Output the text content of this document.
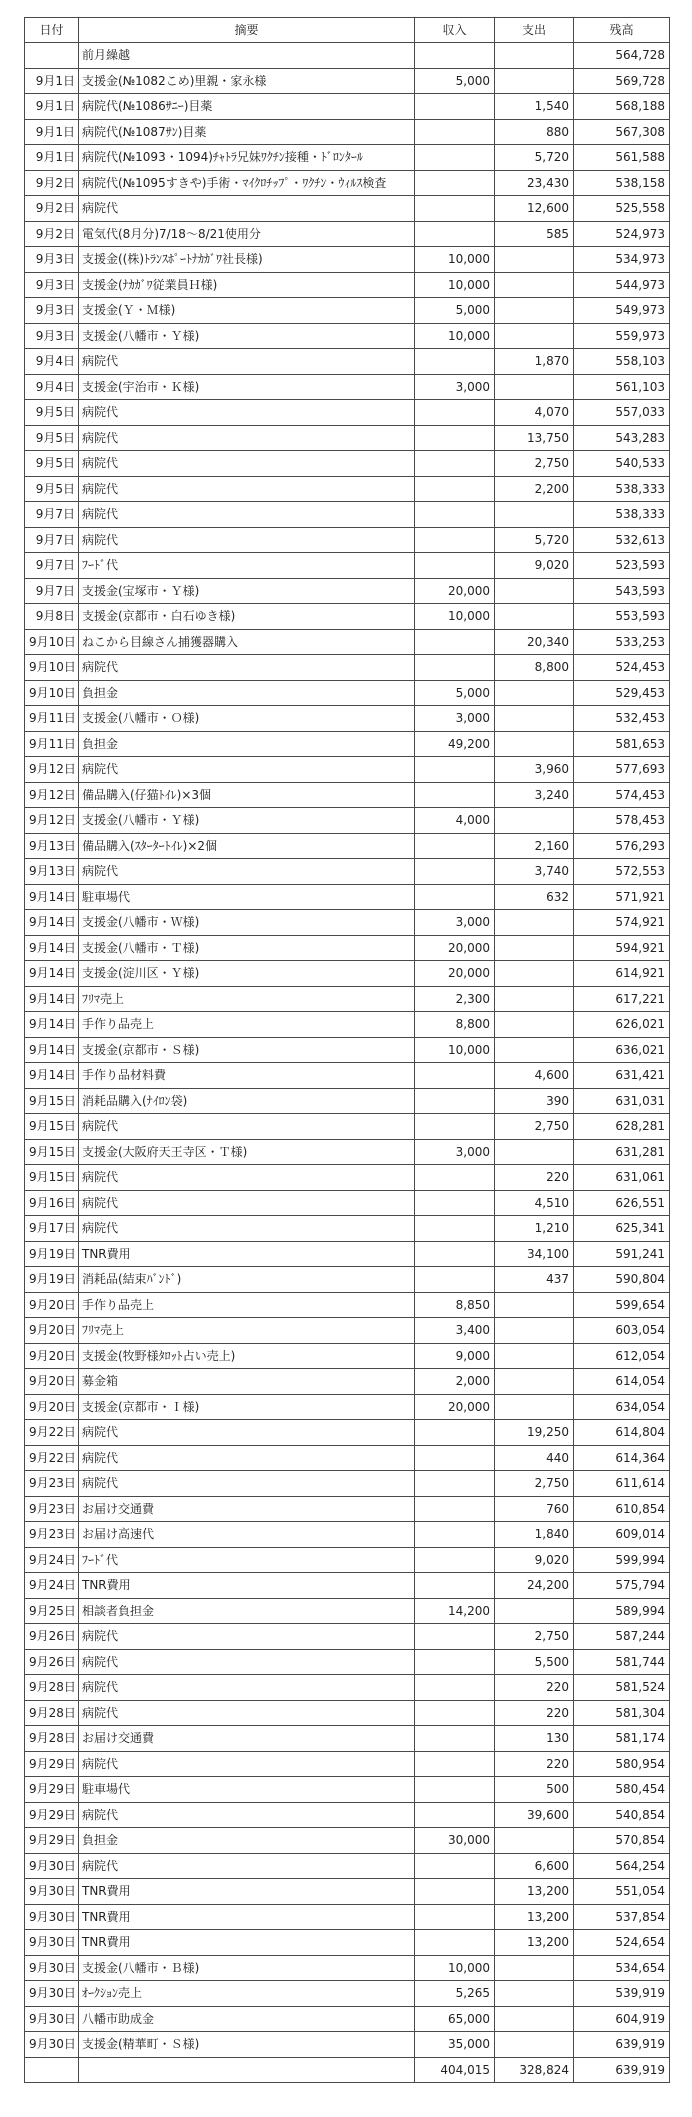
日付	摘要	収入	支出	残高
	前月繰越			564,728
9月1日	支援金(№1082こめ)里親・家永様	5,000		569,728
9月1日	病院代(№1086ｻﾆｰ)目薬		1,540	568,188
9月1日	病院代(№1087ｻﾝ)目薬		880	567,308
9月1日	病院代(№1093・1094)ﾁｬﾄﾗ兄妹ﾜｸﾁﾝ接種・ﾄﾞﾛﾝﾀｰﾙ		5,720	561,588
9月2日	病院代(№1095すきや)手術・ﾏｲｸﾛﾁｯﾌﾟ・ﾜｸﾁﾝ・ｳｨﾙｽ検査		23,430	538,158
9月2日	病院代		12,600	525,558
9月2日	電気代(8月分)7/18～8/21使用分		585	524,973
9月3日	支援金((株)ﾄﾗﾝｽﾎﾟｰﾄﾅｶｶﾞﾜ社長様)	10,000		534,973
9月3日	支援金(ﾅｶｶﾞﾜ従業員Ｈ様)	10,000		544,973
9月3日	支援金(Ｙ・Ｍ様)	5,000		549,973
9月3日	支援金(八幡市・Ｙ様)	10,000		559,973
9月4日	病院代		1,870	558,103
9月4日	支援金(宇治市・Ｋ様)	3,000		561,103
9月5日	病院代		4,070	557,033
9月5日	病院代		13,750	543,283
9月5日	病院代		2,750	540,533
9月5日	病院代		2,200	538,333
9月7日	病院代			538,333
9月7日	病院代		5,720	532,613
9月7日	ﾌｰﾄﾞ代		9,020	523,593
9月7日	支援金(宝塚市・Ｙ様)	20,000		543,593
9月8日	支援金(京都市・白石ゆき様)	10,000		553,593
9月10日	ねこから目線さん捕獲器購入		20,340	533,253
9月10日	病院代		8,800	524,453
9月10日	負担金	5,000		529,453
9月11日	支援金(八幡市・Ｏ様)	3,000		532,453
9月11日	負担金	49,200		581,653
9月12日	病院代		3,960	577,693
9月12日	備品購入(仔猫ﾄｲﾚ)×3個		3,240	574,453
9月12日	支援金(八幡市・Ｙ様)	4,000		578,453
9月13日	備品購入(ｽﾀｰﾀｰﾄｲﾚ)×2個		2,160	576,293
9月13日	病院代		3,740	572,553
9月14日	駐車場代		632	571,921
9月14日	支援金(八幡市・Ｗ様)	3,000		574,921
9月14日	支援金(八幡市・Ｔ様)	20,000		594,921
9月14日	支援金(淀川区・Ｙ様)	20,000		614,921
9月14日	ﾌﾘﾏ売上	2,300		617,221
9月14日	手作り品売上	8,800		626,021
9月14日	支援金(京都市・Ｓ様)	10,000		636,021
9月14日	手作り品材料費		4,600	631,421
9月15日	消耗品購入(ﾅｲﾛﾝ袋)		390	631,031
9月15日	病院代		2,750	628,281
9月15日	支援金(大阪府天王寺区・Ｔ様)	3,000		631,281
9月15日	病院代		220	631,061
9月16日	病院代		4,510	626,551
9月17日	病院代		1,210	625,341
9月19日	TNR費用		34,100	591,241
9月19日	消耗品(結束ﾊﾞﾝﾄﾞ)		437	590,804
9月20日	手作り品売上	8,850		599,654
9月20日	ﾌﾘﾏ売上	3,400		603,054
9月20日	支援金(牧野様ﾀﾛｯﾄ占い売上)	9,000		612,054
9月20日	募金箱	2,000		614,054
9月20日	支援金(京都市・Ｉ様)	20,000		634,054
9月22日	病院代		19,250	614,804
9月22日	病院代		440	614,364
9月23日	病院代		2,750	611,614
9月23日	お届け交通費		760	610,854
9月23日	お届け高速代		1,840	609,014
9月24日	ﾌｰﾄﾞ代		9,020	599,994
9月24日	TNR費用		24,200	575,794
9月25日	相談者負担金	14,200		589,994
9月26日	病院代		2,750	587,244
9月26日	病院代		5,500	581,744
9月28日	病院代		220	581,524
9月28日	病院代		220	581,304
9月28日	お届け交通費		130	581,174
9月29日	病院代		220	580,954
9月29日	駐車場代		500	580,454
9月29日	病院代		39,600	540,854
9月29日	負担金	30,000		570,854
9月30日	病院代		6,600	564,254
9月30日	TNR費用		13,200	551,054
9月30日	TNR費用		13,200	537,854
9月30日	TNR費用		13,200	524,654
9月30日	支援金(八幡市・Ｂ様)	10,000		534,654
9月30日	ｵｰｸｼｮﾝ売上	5,265		539,919
9月30日	八幡市助成金	65,000		604,919
9月30日	支援金(精華町・Ｓ様)	35,000		639,919
		404,015	328,824	639,919
